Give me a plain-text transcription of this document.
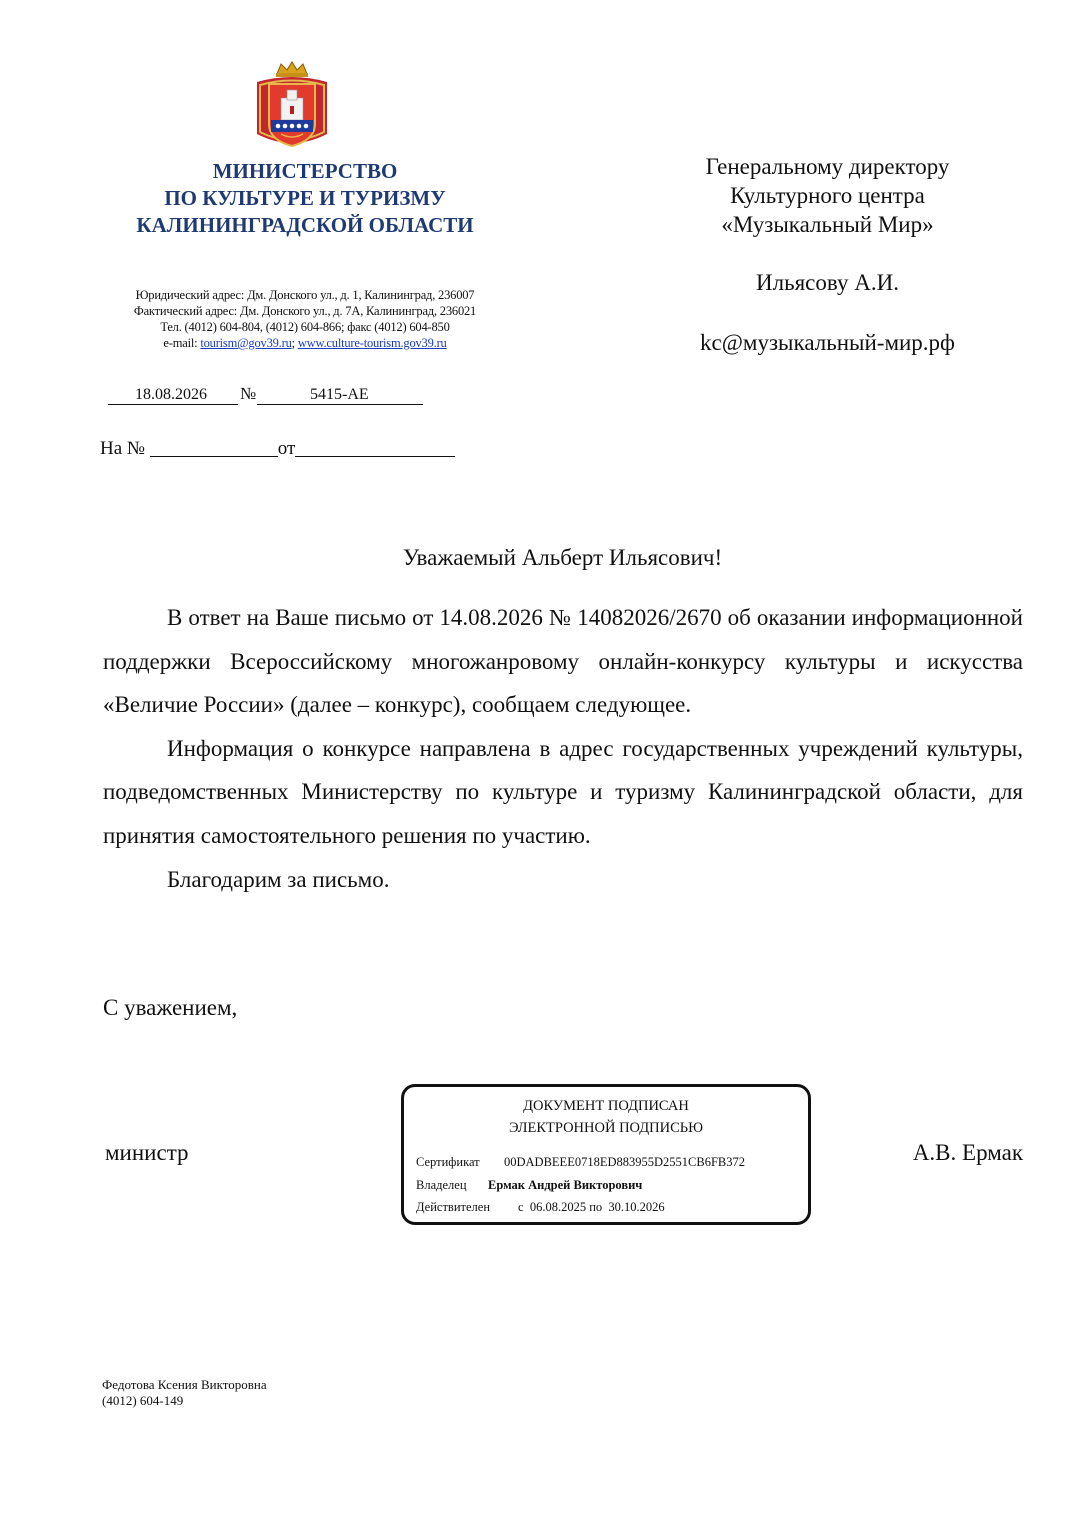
МИНИСТЕРСТВО
ПО КУЛЬТУРЕ И ТУРИЗМУ
КАЛИНИНГРАДСКОЙ ОБЛАСТИ
Юридический адрес: Дм. Донского ул., д. 1, Калининград, 236007
Фактический адрес: Дм. Донского ул., д. 7А, Калининград, 236021
Тел. (4012) 604-804, (4012) 604-866; факс (4012) 604-850
e-mail: tourism@gov39.ru; www.culture-tourism.gov39.ru
18.08.2026 №	5415-АЕ
На №	от
Генеральному директору
Культурного центра
«Музыкальный Мир»
Ильясову А.И.
kc@музыкальный-мир.рф
Уважаемый Альберт Ильясович!

В ответ на Ваше письмо от 14.08.2026 № 14082026/2670 об оказании информационной поддержки Всероссийскому многожанровому онлайн-конкурсу культуры и искусства «Величие России» (далее – конкурс), сообщаем следующее.

Информация о конкурсе направлена в адрес государственных учреждений культуры, подведомственных Министерству по культуре и туризму Калининградской области, для принятия самостоятельного решения по участию.

Благодарим за письмо.

С уважением,
министр	А.В. Ермак
ДОКУМЕНТ ПОДПИСАН
ЭЛЕКТРОННОЙ ПОДПИСЬЮ
Сертификат 00DADBEEE0718ED883955D2551CB6FB372
Владелец Ермак Андрей Викторович
Действителен с 06.08.2025 по 30.10.2026
Федотова Ксения Викторовна
(4012) 604-149
